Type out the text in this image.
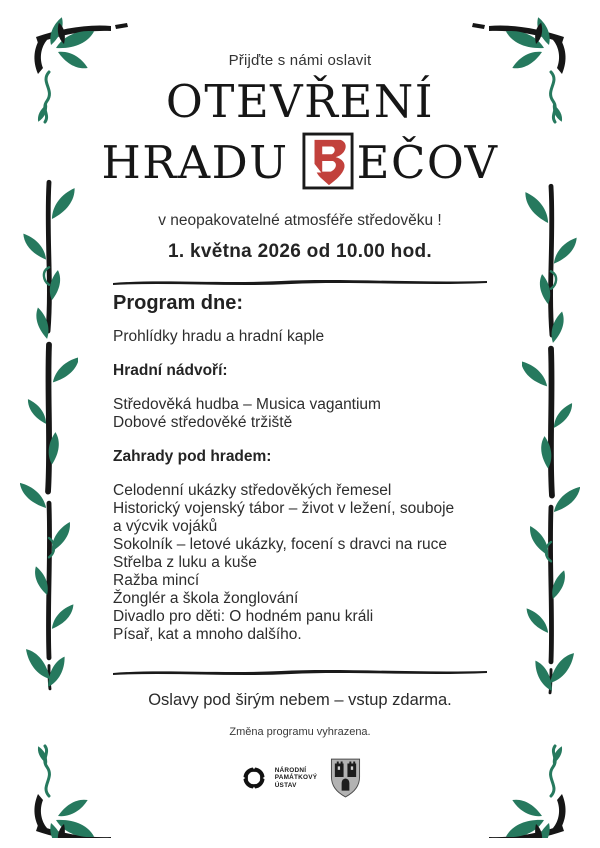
Přijďte s námi oslavit

OTEVŘENÍ
HRADU EČOV

v neopakovatelné atmosféře středověku !

1. května 2026 od 10.00 hod.

Program dne:

Prohlídky hradu a hradní kaple

Hradní nádvoří:

Středověká hudba – Musica vagantium

Dobové středověké tržiště

Zahrady pod hradem:

Celodenní ukázky středověkých řemesel

Historický vojenský tábor – život v ležení, souboje

a výcvik vojáků

Sokolník – letové ukázky, focení s dravci na ruce

Střelba z luku a kuše

Ražba mincí

Žonglér a škola žonglování

Divadlo pro děti: O hodném panu králi

Písař, kat a mnoho dalšího.

Oslavy pod širým nebem – vstup zdarma.

Změna programu vyhrazena.

NÁRODNÍ
PAMÁTKOVÝ
ÚSTAV
